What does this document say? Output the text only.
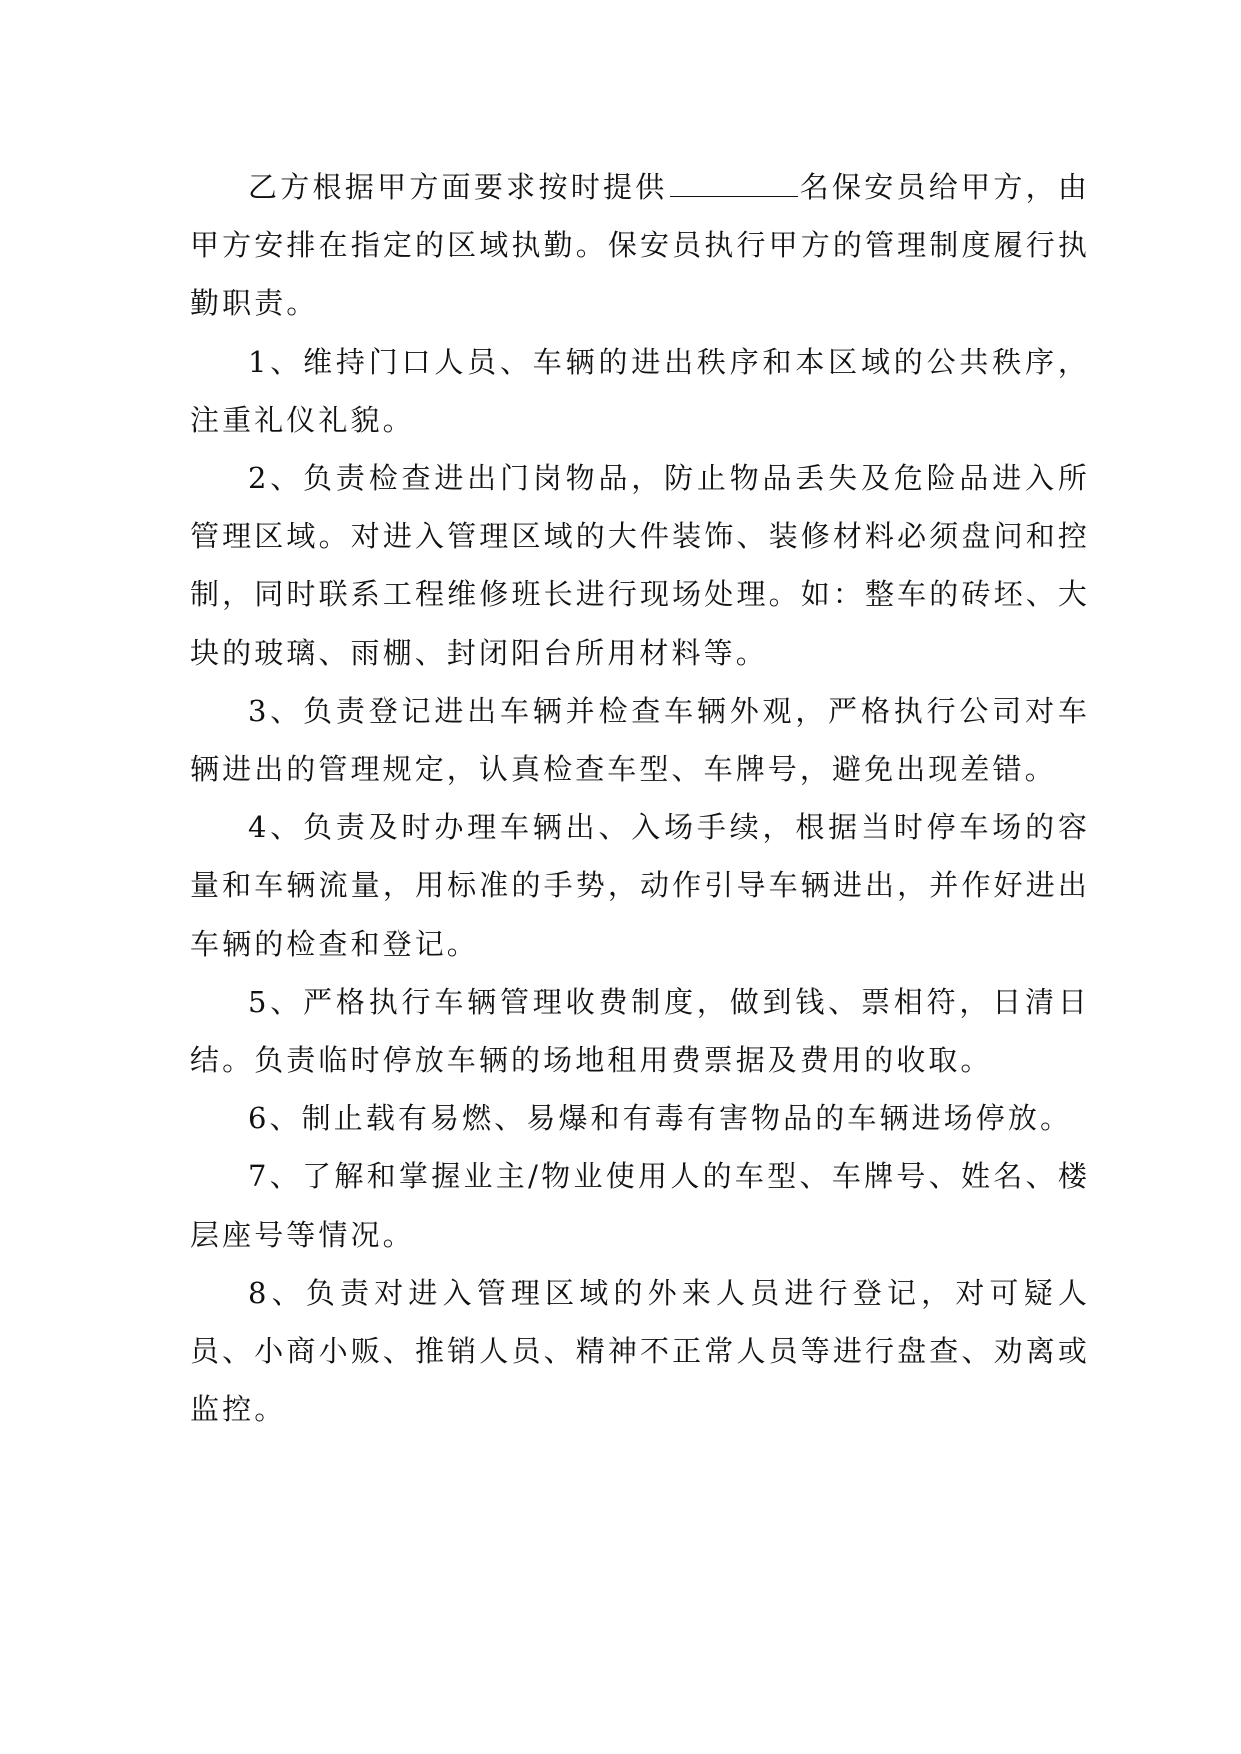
乙方根据甲方面要求按时提供	名保安员给甲方，由甲方安排在指定的区域执勤。保安员执行甲方的管理制度履行执勤职责。

1、维持门口人员、车辆的进出秩序和本区域的公共秩序，注重礼仪礼貌。

2、负责检查进出门岗物品，防止物品丢失及危险品进入所管理区域。对进入管理区域的大件装饰、装修材料必须盘问和控制，同时联系工程维修班长进行现场处理。如：整车的砖坯、大块的玻璃、雨棚、封闭阳台所用材料等。

3、负责登记进出车辆并检查车辆外观，严格执行公司对车辆进出的管理规定，认真检查车型、车牌号，避免出现差错。

4、负责及时办理车辆出、入场手续，根据当时停车场的容量和车辆流量，用标准的手势，动作引导车辆进出，并作好进出车辆的检查和登记。

5、严格执行车辆管理收费制度，做到钱、票相符，日清日结。负责临时停放车辆的场地租用费票据及费用的收取。

6、制止载有易燃、易爆和有毒有害物品的车辆进场停放。

7、了解和掌握业主/物业使用人的车型、车牌号、姓名、楼层座号等情况。

8、负责对进入管理区域的外来人员进行登记，对可疑人员、小商小贩、推销人员、精神不正常人员等进行盘查、劝离或监控。
